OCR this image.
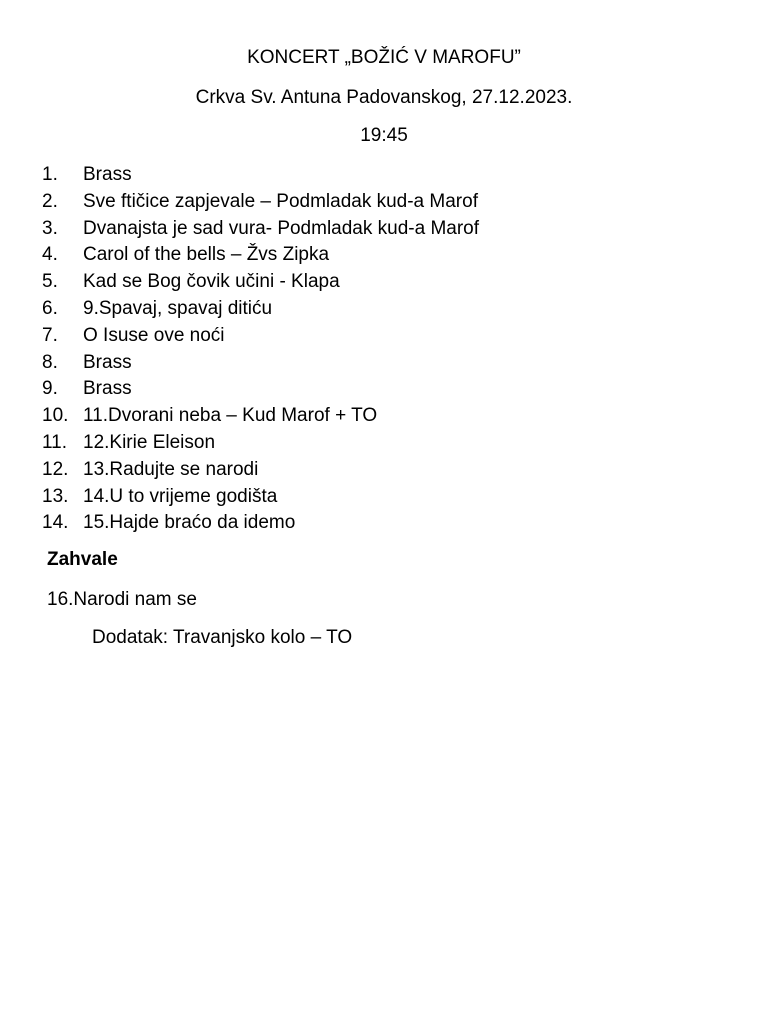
KONCERT „BOŽIĆ V MAROFU”
Crkva Sv. Antuna Padovanskog, 27.12.2023.
19:45
1. Brass
2. Sve ftičice zapjevale – Podmladak kud-a Marof
3. Dvanajsta je sad vura- Podmladak kud-a Marof
4. Carol of the bells – Žvs Zipka
5. Kad se Bog čovik učini - Klapa
6. 9.Spavaj, spavaj ditiću
7. O Isuse ove noći
8. Brass
9. Brass
10. 11.Dvorani neba – Kud Marof + TO
11. 12.Kirie Eleison
12. 13.Radujte se narodi
13. 14.U to vrijeme godišta
14. 15.Hajde braćo da idemo
Zahvale
16.Narodi nam se
Dodatak: Travanjsko kolo – TO
